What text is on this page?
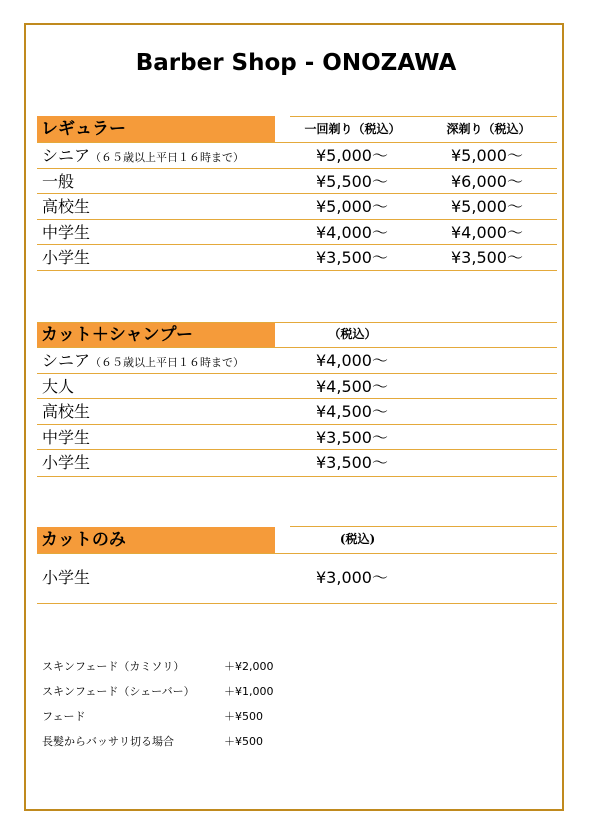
Barber Shop - ONOZAWA
レギュラー	一回剃り（税込）	深剃り（税込）
シニア（６５歳以上平日１６時まで）	¥5,000〜	¥5,000〜
一般	¥5,500〜	¥6,000〜
高校生	¥5,000〜	¥5,000〜
中学生	¥4,000〜	¥4,000〜
小学生	¥3,500〜	¥3,500〜
カット＋シャンプー	（税込）
シニア（６５歳以上平日１６時まで）	¥4,000〜
大人	¥4,500〜
高校生	¥4,500〜
中学生	¥3,500〜
小学生	¥3,500〜
カットのみ	(税込)
小学生	¥3,000〜
スキンフェード（カミソリ）	＋¥2,000
スキンフェード（シェーバー）	＋¥1,000
フェード	＋¥500
長髪からバッサリ切る場合	＋¥500
